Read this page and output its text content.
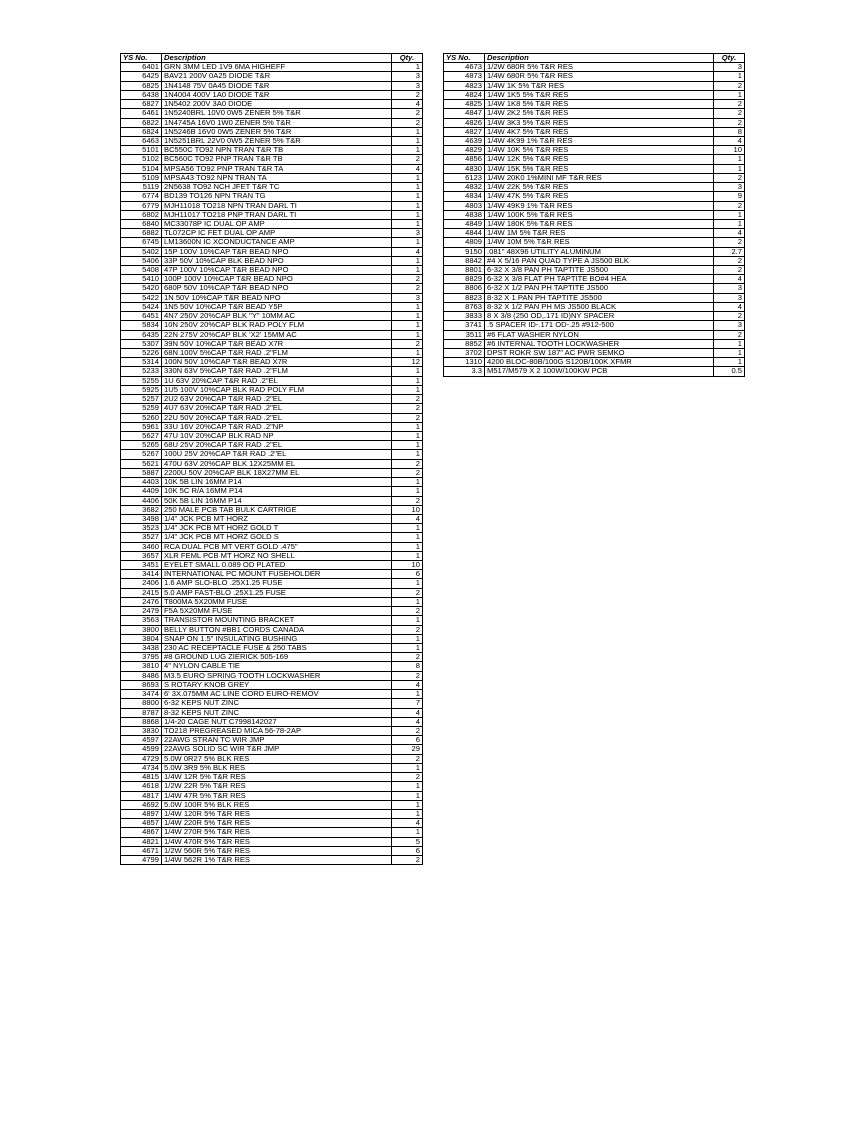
YS No.	Description	Qty.
6401	GRN 3MM LED 1V9 6MA HIGHEFF	1
6425	BAV21 200V 0A25 DIODE T&R	3
6825	1N4148 75V 0A45 DIODE T&R	3
6438	1N4004 400V 1A0 DIODE T&R	2
6827	1N5402 200V 3A0 DIODE	4
6461	1N5240BRL 10V0 0W5 ZENER 5% T&R	2
6822	1N4745A 16V0 1W0 ZENER 5% T&R	2
6824	1N5246B 16V0 0W5 ZENER 5% T&R	1
6463	1N5251BRL 22V0 0W5 ZENER 5% T&R	1
5101	BC550C TO92 NPN TRAN T&R TB	1
5102	BC560C TO92 PNP TRAN T&R TB	2
5104	MPSA56 TO92 PNP TRAN T&R TA	4
5109	MPSA43 TO92 NPN TRAN TA	1
5119	2N5638 TO92 NCH JFET T&R TC	1
6774	BD139 TO126 NPN TRAN TG	1
6779	MJH11018 TO218 NPN TRAN DARL TI	1
6802	MJH11017 TO218 PNP TRAN DARL TI	1
6840	MC33078P IC DUAL OP AMP	1
6882	TL072CP IC FET DUAL OP AMP	3
6745	LM13600N IC XCONDUCTANCE AMP	1
5402	15P 100V 10%CAP T&R BEAD NPO	4
5406	33P 50V 10%CAP BLK BEAD NPO	1
5408	47P 100V 10%CAP T&R BEAD NPO	1
5410	100P 100V 10%CAP T&R BEAD NPO	2
5420	680P 50V 10%CAP T&R BEAD NPO	2
5422	1N 50V 10%CAP T&R BEAD NPO	3
5424	1N5 50V 10%CAP T&R BEAD Y5P	1
6451	4N7 250V 20%CAP BLK "Y" 10MM AC	1
5834	10N 250V 20%CAP BLK RAD POLY FLM	1
6435	22N 275V 20%CAP BLK 'X2' 15MM AC	1
5307	39N 50V 10%CAP T&R BEAD X7R	2
5226	68N 100V 5%CAP T&R RAD .2"FLM	1
5314	100N 50V 10%CAP T&R BEAD X7R	12
5233	330N 63V 5%CAP T&R RAD .2"FLM	1
5255	1U 63V 20%CAP T&R RAD .2"EL	1
5925	1U5 100V 10%CAP BLK RAD POLY FLM	1
5257	2U2 63V 20%CAP T&R RAD .2"EL	2
5259	4U7 63V 20%CAP T&R RAD .2"EL	2
5260	22U 50V 20%CAP T&R RAD .2"EL	2
5961	33U 16V 20%CAP T&R RAD .2"NP	1
5627	47U 10V 20%CAP BLK RAD NP	1
5265	68U 25V 20%CAP T&R RAD .2"EL	1
5267	100U 25V 20%CAP T&R RAD .2"EL	1
5621	470U 63V 20%CAP BLK 12X25MM EL	2
5887	2200U 50V 20%CAP BLK 18X27MM EL	2
4403	10K 5B LIN 16MM P14	1
4409	10K 5C R/A 16MM P14	1
4406	50K 5B LIN 16MM P14	2
3682	250 MALE PCB TAB BULK CARTRIGE	10
3498	1/4" JCK PCB MT HORZ	4
3523	1/4" JCK PCB MT HORZ GOLD T	1
3527	1/4" JCK PCB MT HORZ GOLD S	1
3460	RCA DUAL PCB MT VERT GOLD .475"	1
3657	XLR FEML PCB MT HORZ NO SHELL	1
3451	EYELET SMALL 0.089 OD PLATED	10
3414	INTERNATIONAL PC MOUNT FUSEHOLDER	6
2406	1.6 AMP SLO-BLO .25X1.25 FUSE	1
2415	5.0 AMP FAST-BLO .25X1.25 FUSE	2
2476	T800MA 5X20MM FUSE	1
2479	F5A 5X20MM FUSE	2
3563	TRANSISTOR MOUNTING BRACKET	1
3800	BELLY BUTTON #BB1 CORDS CANADA	2
3804	SNAP ON 1.5" INSULATING BUSHING	1
3438	230 AC RECEPTACLE FUSE & 250 TABS	1
3795	#8 GROUND LUG ZIERICK 505-169	2
3810	4" NYLON CABLE TIE	8
8486	M3.5 EURO SPRING TOOTH LOCKWASHER	2
8693	S ROTARY KNOB GREY	4
3474	6' 3X.075MM AC LINE CORD EURO-REMOV	1
8800	6-32 KEPS NUT ZINC	7
8787	8-32 KEPS NUT ZINC	4
8868	1/4-20 CAGE NUT C7998142027	4
3830	TO218 PREGREASED MICA 56-78-2AP	2
4597	22AWG STRAN TC WIR JMP	6
4599	22AWG SOLID SC WIR T&R JMP	29
4729	5.0W 0R27 5% BLK RES	2
4734	5.0W 3R9 5% BLK RES	1
4815	1/4W 12R 5% T&R RES	2
4618	1/2W 22R 5% T&R RES	1
4817	1/4W 47R 5% T&R RES	1
4692	5.0W 100R 5% BLK RES	1
4897	1/4W 120R 5% T&R RES	1
4857	1/4W 220R 5% T&R RES	4
4867	1/4W 270R 5% T&R RES	1
4821	1/4W 470R 5% T&R RES	5
4671	1/2W 560R 5% T&R RES	6
4799	1/4W 562R 1% T&R RES	2
YS No.	Description	Qty.
4673	1/2W 680R 5% T&R RES	3
4873	1/4W 680R 5% T&R RES	1
4823	1/4W 1K 5% T&R RES	2
4824	1/4W 1K5 5% T&R RES	1
4825	1/4W 1K8 5% T&R RES	2
4847	1/4W 2K2 5% T&R RES	2
4826	1/4W 3K3 5% T&R RES	2
4827	1/4W 4K7 5% T&R RES	8
4639	1/4W 4K99 1% T&R RES	4
4829	1/4W 10K 5% T&R RES	10
4856	1/4W 12K 5% T&R RES	1
4830	1/4W 15K 5% T&R RES	1
6123	1/4W 20K0 1%MINI MF T&R RES	2
4832	1/4W 22K 5% T&R RES	3
4834	1/4W 47K 5% T&R RES	9
4803	1/4W 49K9 1% T&R RES	2
4838	1/4W 100K 5% T&R RES	1
4849	1/4W 180K 5% T&R RES	1
4844	1/4W 1M 5% T&R RES	4
4809	1/4W 10M 5% T&R RES	2
9150	.081" 48X96 UTILITY ALUMINUM	2.7
8842	#4 X 5/16 PAN QUAD TYPE A JS500 BLK	2
8801	6-32 X 3/8 PAN PH TAPTITE JS500	2
8829	6-32 X 3/8 FLAT PH TAPTITE BO#4 HEA	4
8806	6-32 X 1/2 PAN PH TAPTITE JS500	3
8823	8-32 X 1 PAN PH TAPTITE JS500	3
8763	8-32 X 1/2 PAN PH MS JS500 BLACK	4
3833	8 X 3/8 (250 OD,.171 ID)NY SPACER	2
3741	.5 SPACER ID-.171 OD-.25 #912-500	3
3511	#6 FLAT WASHER NYLON	2
8852	#6 INTERNAL TOOTH LOCKWASHER	1
3702	DPST ROKR SW 187" AC PWR SEMKO	1
1310	4200 BLOC-80B/100G S120B/100K XFMR	1
3.3	M517/M579 X 2 100W/100KW PCB	0.5
